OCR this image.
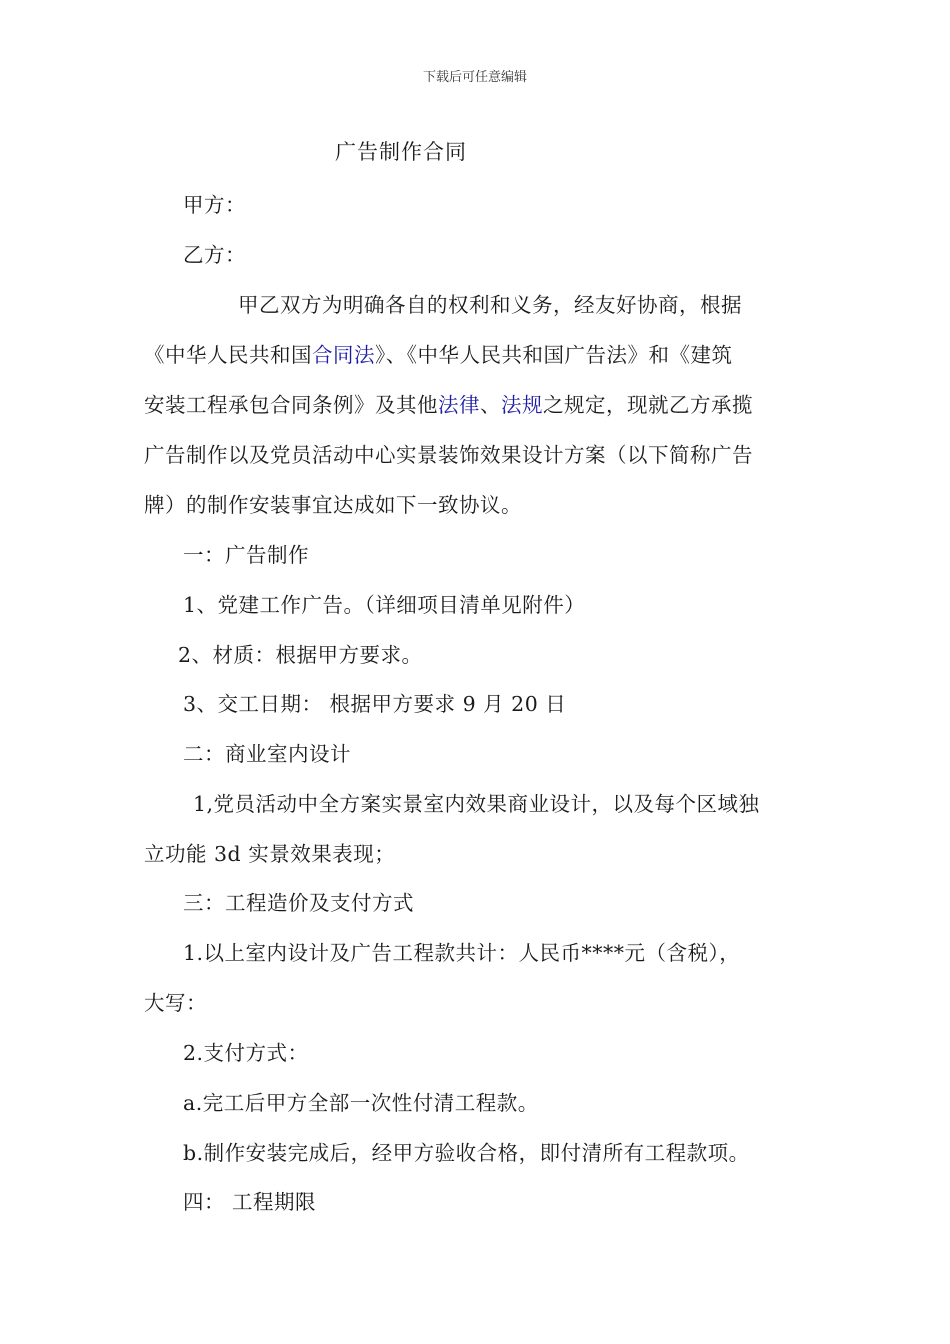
下载后可任意编辑
广告制作合同
甲方：
乙方：
甲乙双方为明确各自的权利和义务，经友好协商，根据
《中华人民共和国合同法》、《中华人民共和国广告法》和《建筑
安装工程承包合同条例》及其他法律、法规之规定，现就乙方承揽
广告制作以及党员活动中心实景装饰效果设计方案（以下简称广告
牌）的制作安装事宜达成如下一致协议。
一：广告制作
1、党建工作广告。（详细项目清单见附件）
2、材质：根据甲方要求。
3、交工日期： 根据甲方要求 9 月 20 日
二：商业室内设计
1,党员活动中全方案实景室内效果商业设计，以及每个区域独
立功能 3d 实景效果表现；
三：工程造价及支付方式
1.以上室内设计及广告工程款共计：人民币****元（含税），
大写：
2.支付方式：
a.完工后甲方全部一次性付清工程款。
b.制作安装完成后，经甲方验收合格，即付清所有工程款项。
四： 工程期限
